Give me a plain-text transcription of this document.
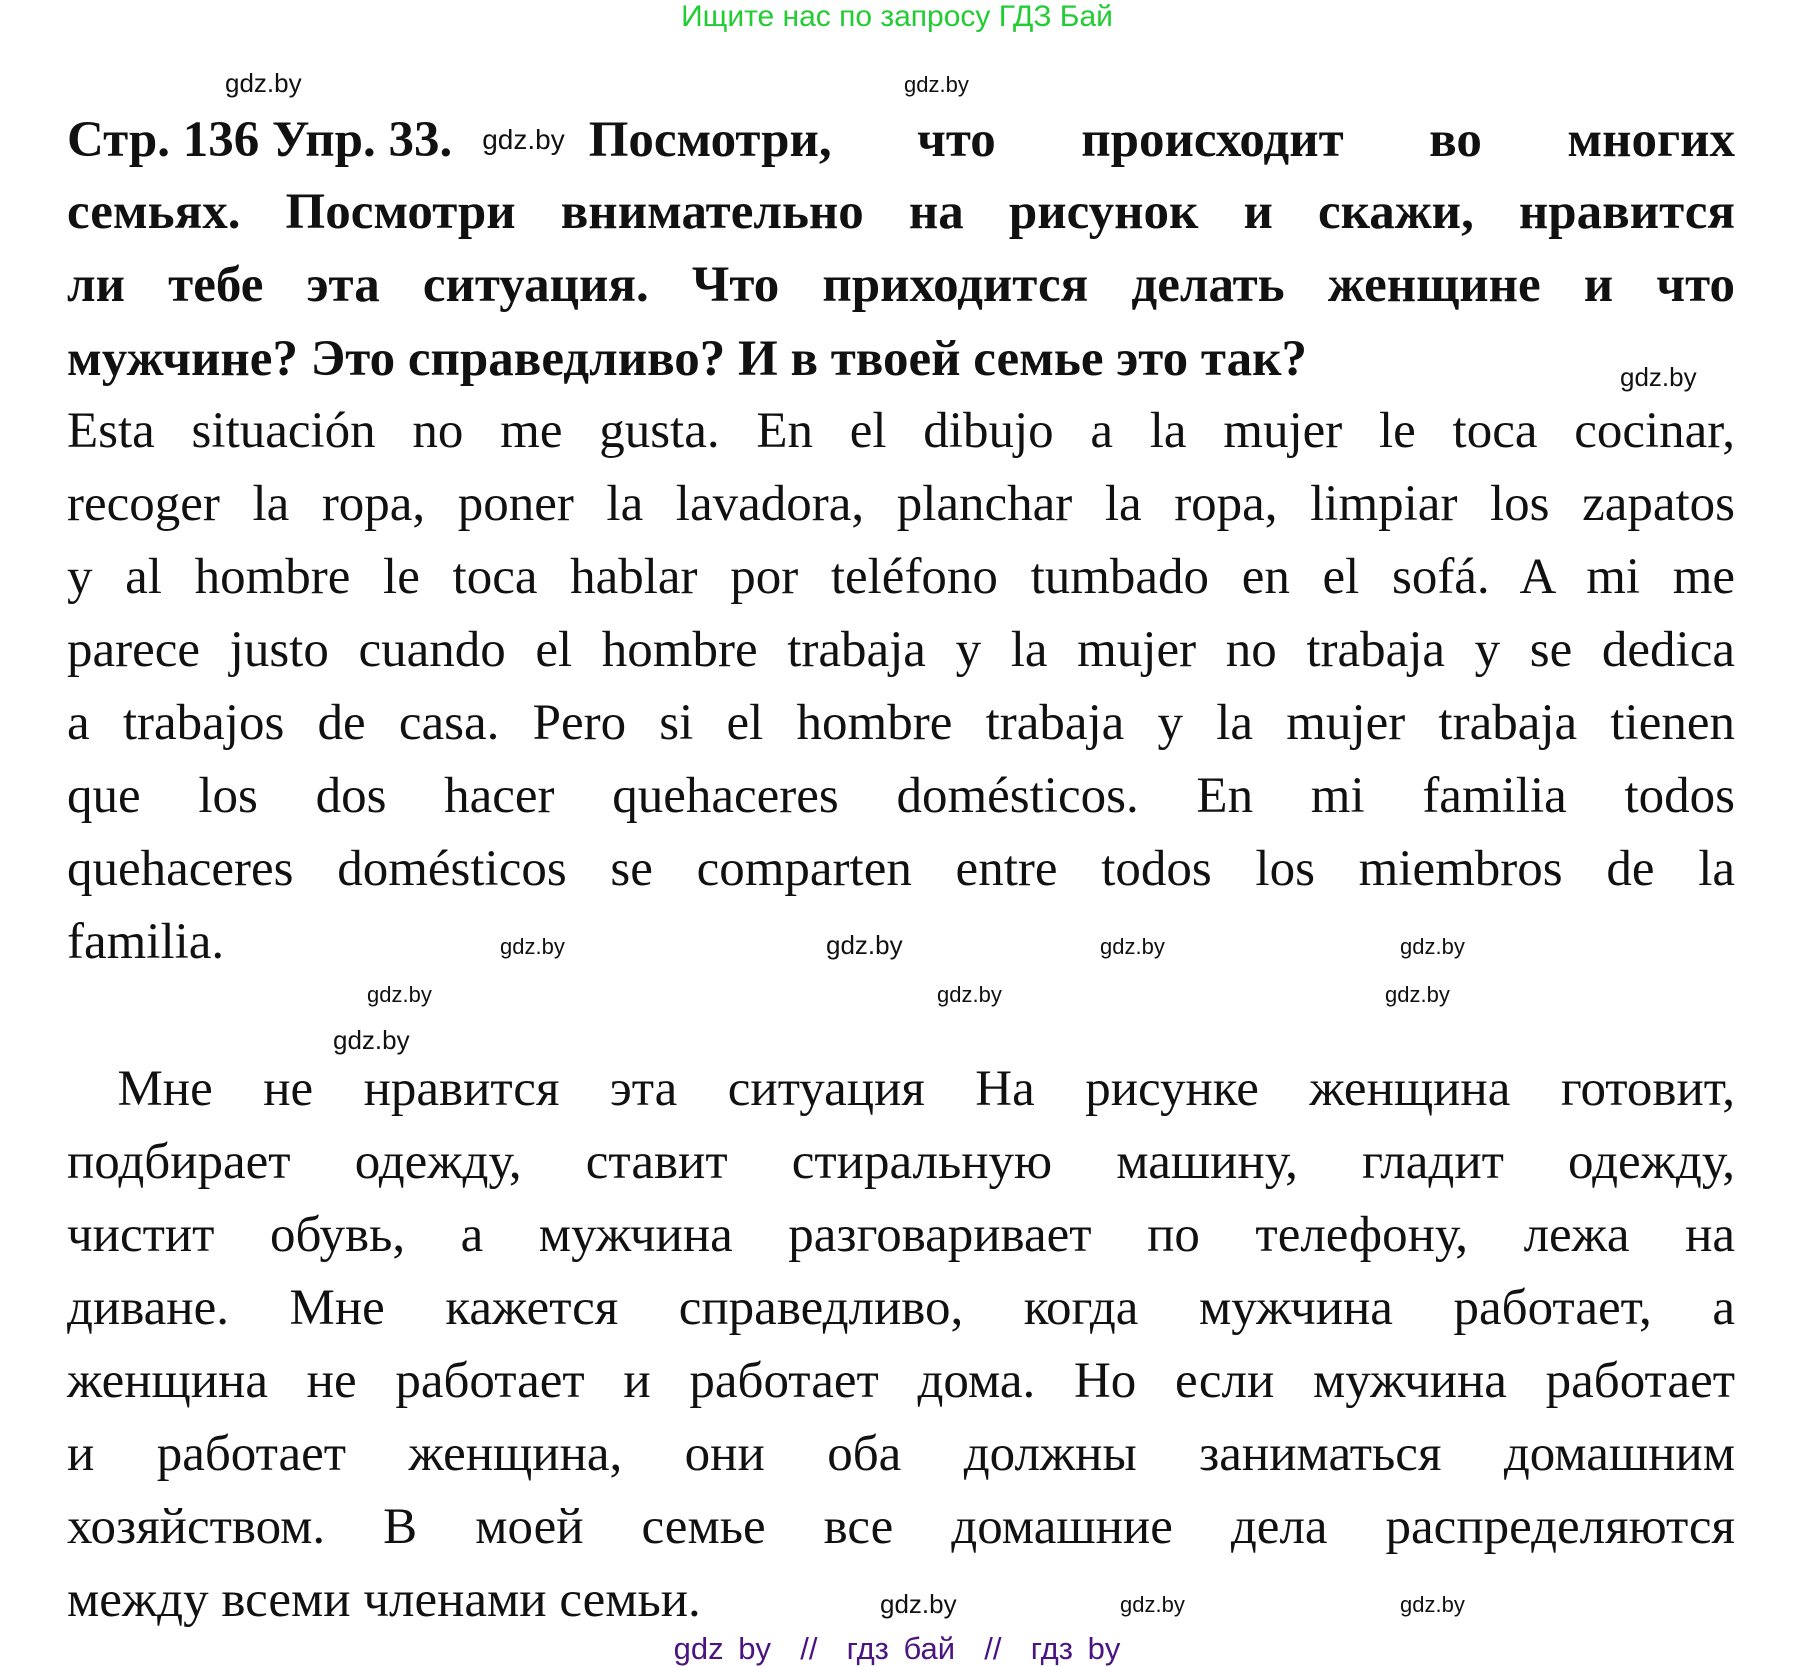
Ищите нас по запросу ГДЗ Бай
Стр. 136 Упр. 33. gdz.by Посмотри, что происходит во многих
семьях. Посмотри внимательно на рисунок и скажи, нравится
ли тебе эта ситуация. Что приходится делать женщине и что
мужчине? Это справедливо? И в твоей семье это так?
Esta situación no me gusta. En el dibujo a la mujer le toca cocinar,
recoger la ropa, poner la lavadora, planchar la ropa, limpiar los zapatos
y al hombre le toca hablar por teléfono tumbado en el sofá. A mi me
parece justo cuando el hombre trabaja y la mujer no trabaja y se dedica
a trabajos de casa. Pero si el hombre trabaja y la mujer trabaja tienen
que los dos hacer quehaceres domésticos. En mi familia todos
quehaceres domésticos se comparten entre todos los miembros de la
familia.
Мне не нравится эта ситуация На рисунке женщина готовит,
подбирает одежду, ставит стиральную машину, гладит одежду,
чистит обувь, а мужчина разговаривает по телефону, лежа на
диване. Мне кажется справедливо, когда мужчина работает, а
женщина не работает и работает дома. Но если мужчина работает
и работает женщина, они оба должны заниматься домашним
хозяйством. В моей семье все домашние дела распределяются
между всеми членами семьи.
gdz.by	gdz.by
gdz.by
gdz.by	gdz.by	gdz.by	gdz.by
gdz.by	gdz.by	gdz.by
gdz.by
gdz.by	gdz.by	gdz.by
gdz by  //  гдз бай  //  гдз by
